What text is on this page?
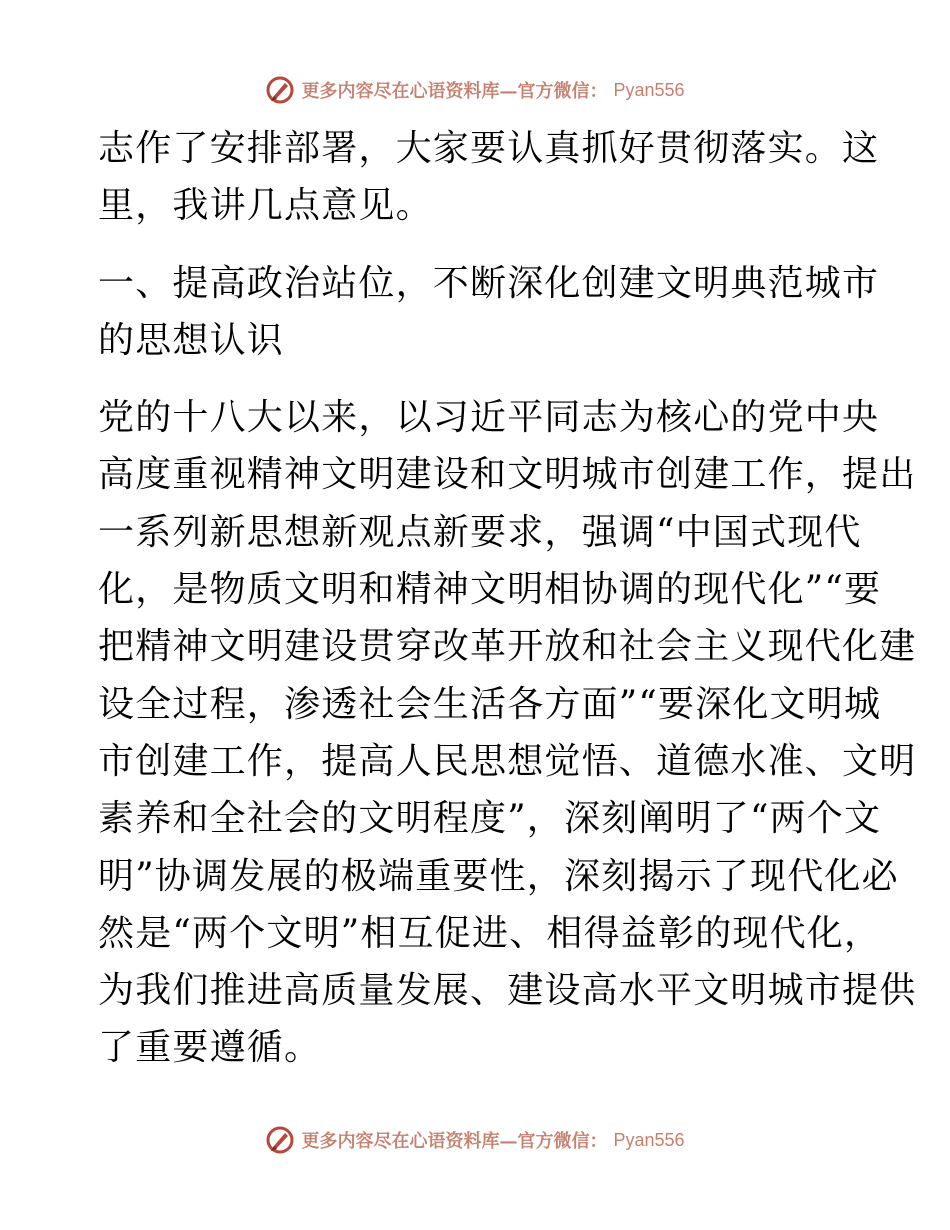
更多内容尽在心语资料库—官方微信： Pyan556
志作了安排部署，大家要认真抓好贯彻落实。这
里，我讲几点意见。
一、提高政治站位，不断深化创建文明典范城市
的思想认识
党的十八大以来，以习近平同志为核心的党中央
高度重视精神文明建设和文明城市创建工作，提出
一系列新思想新观点新要求，强调“中国式现代
化，是物质文明和精神文明相协调的现代化”“要
把精神文明建设贯穿改革开放和社会主义现代化建
设全过程，渗透社会生活各方面”“要深化文明城
市创建工作，提高人民思想觉悟、道德水准、文明
素养和全社会的文明程度”，深刻阐明了“两个文
明”协调发展的极端重要性，深刻揭示了现代化必
然是“两个文明”相互促进、相得益彰的现代化，
为我们推进高质量发展、建设高水平文明城市提供
了重要遵循。
更多内容尽在心语资料库—官方微信： Pyan556
